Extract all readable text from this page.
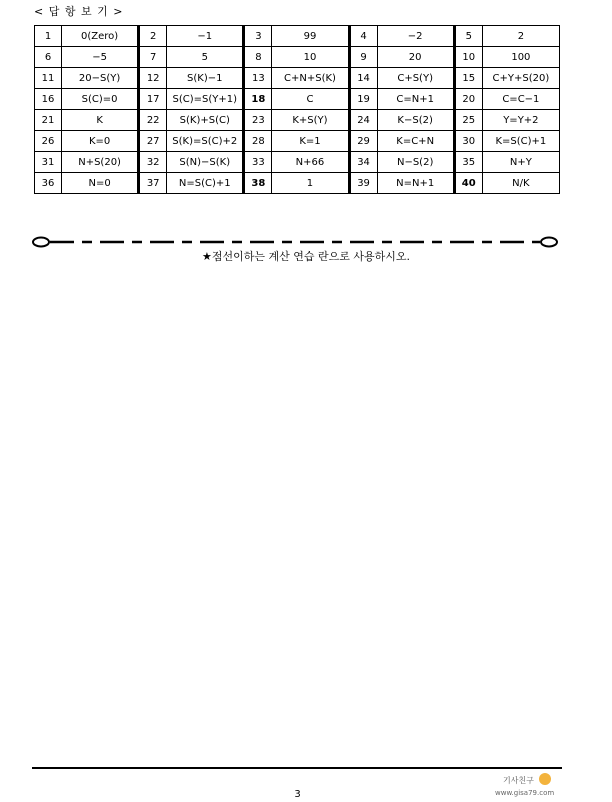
< 답 항 보 기 >
1	0(Zero)	2	−1	3	99	4	−2	5	2
6	−5	7	5	8	10	9	20	10	100
11	20−S(Y)	12	S(K)−1	13	C+N+S(K)	14	C+S(Y)	15	C+Y+S(20)
16	S(C)=0	17	S(C)=S(Y+1)	18	C	19	C=N+1	20	C=C−1
21	K	22	S(K)+S(C)	23	K+S(Y)	24	K−S(2)	25	Y=Y+2
26	K=0	27	S(K)=S(C)+2	28	K=1	29	K=C+N	30	K=S(C)+1
31	N+S(20)	32	S(N)−S(K)	33	N+66	34	N−S(2)	35	N+Y
36	N=0	37	N=S(C)+1	38	1	39	N=N+1	40	N/K
★점선이하는 계산 연습 란으로 사용하시오.
기사친구
www.gisa79.com
3
